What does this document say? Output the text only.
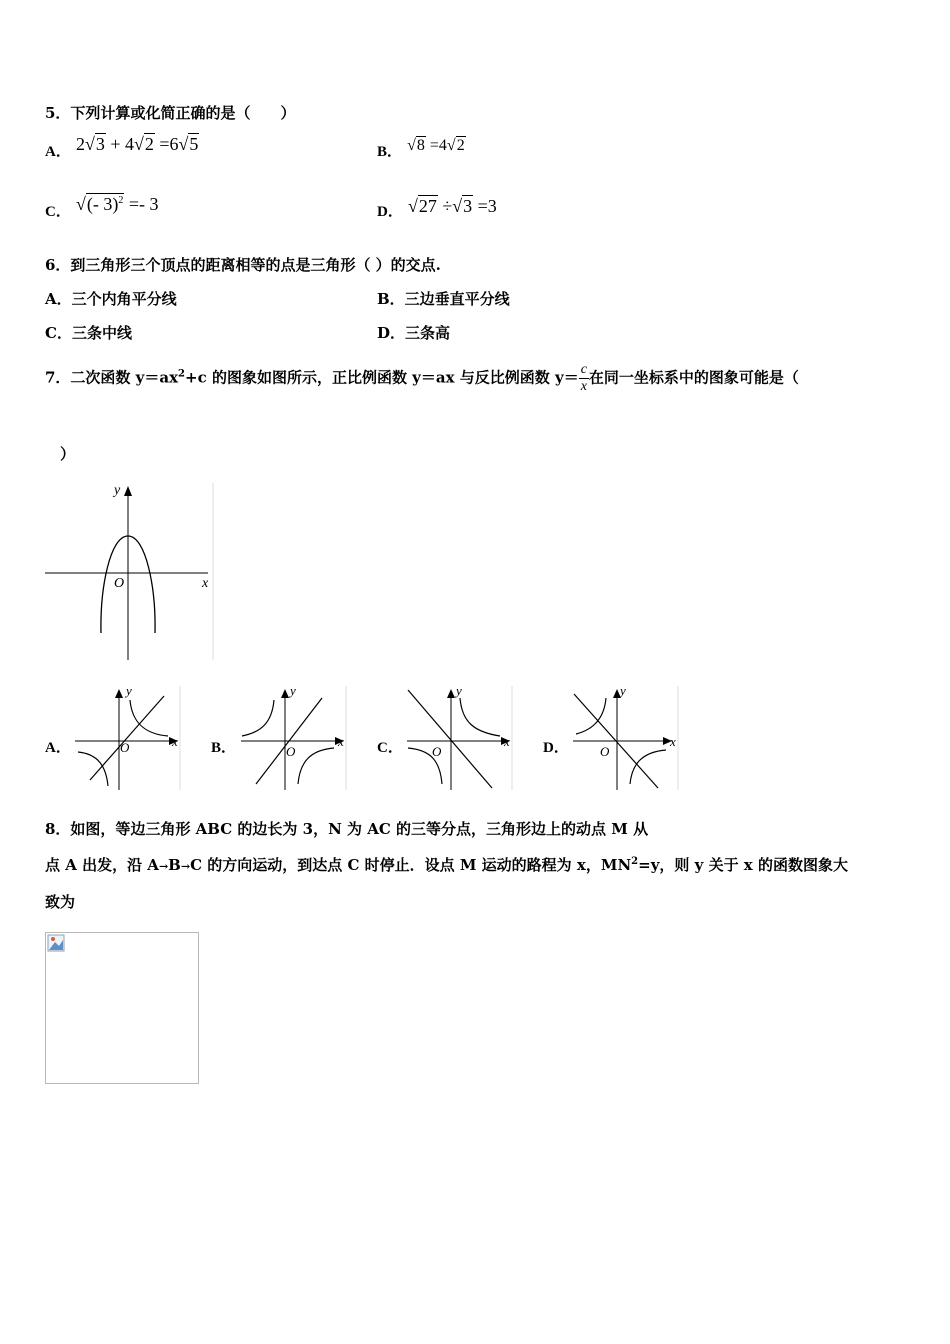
5．下列计算或化简正确的是（　　）
A． 2√3 + 4√2 =6√5	B． √8 =4√2
C． √(- 3)$^2$ =- 3	D． √27 ÷√3 =3
6．到三角形三个顶点的距离相等的点是三角形（ ）的交点.
A．三个内角平分线	B．三边垂直平分线
C．三条中线	D．三条高
7．二次函数 $y=ax^2+c$ 的图象如图所示，正比例函数 y＝ax 与反比例函数 $y= \frac{c}{x}$ 在同一坐标系中的图象可能是（
）
y
x
O
A．
y
x
O	B．
y
x
O	C．
y
x
O	D．
y
x
O
8．如图，等边三角形 ABC 的边长为 3，N 为 AC 的三等分点，三角形边上的动点 M 从
点 A 出发，沿 A→B→C 的方向运动，到达点 C 时停止．设点 M 运动的路程为 x，$MN^2=y$，则 y 关于 x 的函数图象大
致为
